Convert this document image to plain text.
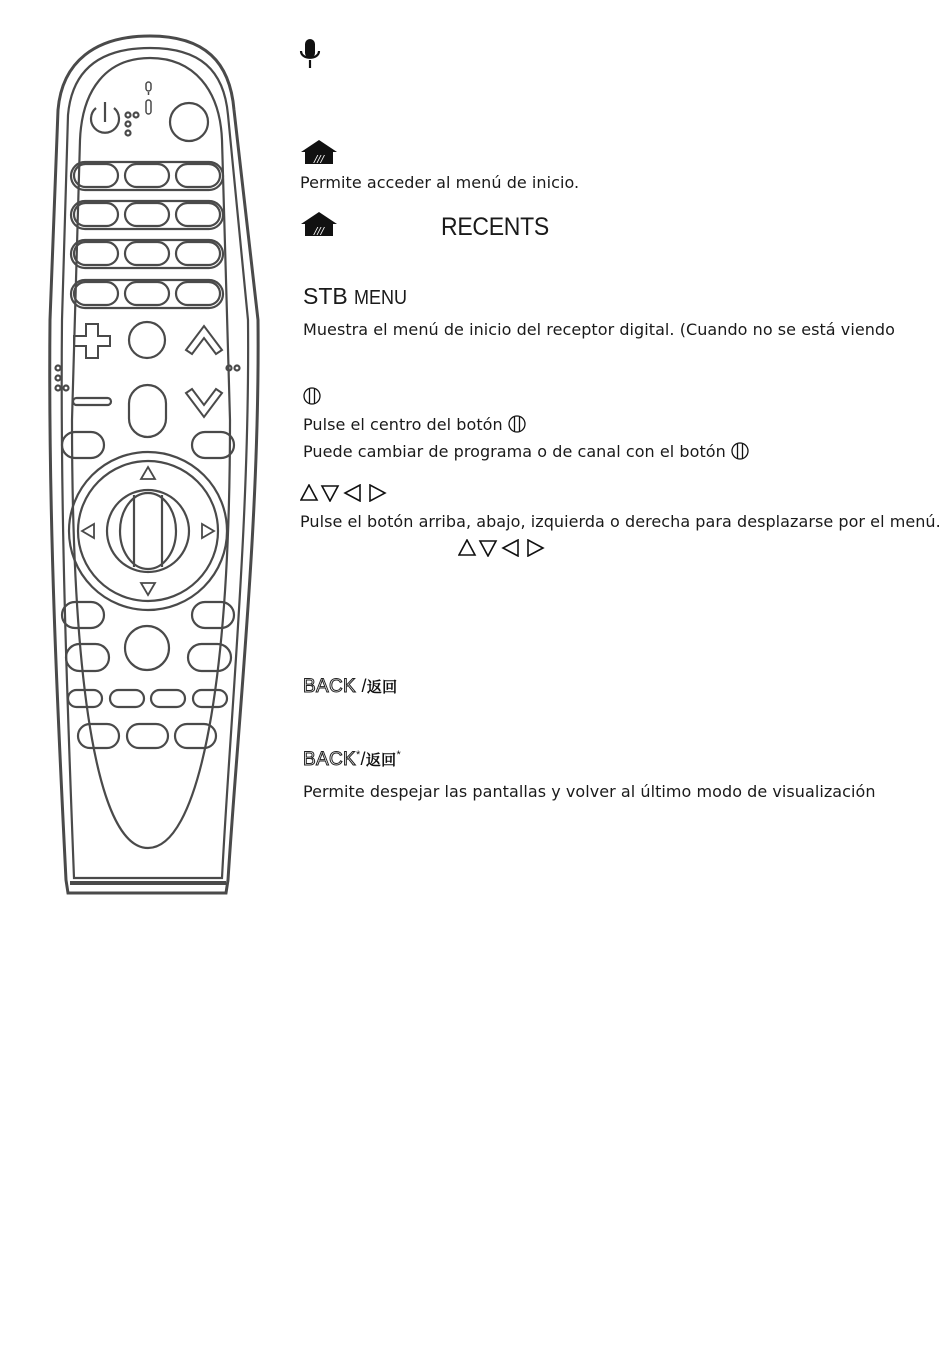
///
Permite acceder al menú de inicio.
///	RECENTS
STB MENU
Muestra el menú de inicio del receptor digital. (Cuando no se está viendo
Pulse el centro del botón
Puede cambiar de programa o de canal con el botón
Pulse el botón arriba, abajo, izquierda o derecha para desplazarse por el menú.
BACK /返回
BACK*/返回*
Permite despejar las pantallas y volver al último modo de visualización
